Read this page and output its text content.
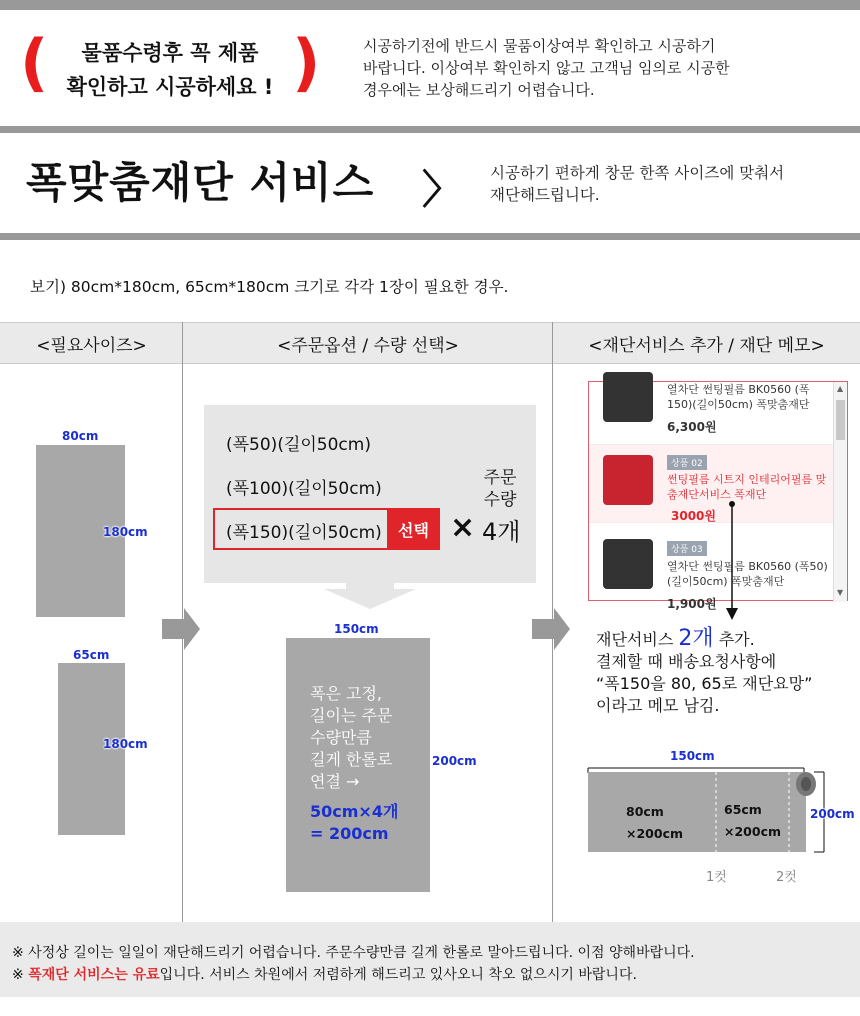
(	물품수령후 꼭 제품
확인하고 시공하세요 ! )	시공하기전에 반드시 물품이상여부 확인하고 시공하기
바랍니다. 이상여부 확인하지 않고 고객님 임의로 시공한
경우에는 보상해드리기 어렵습니다.
폭맞춤재단 서비스 〉 시공하기 편하게 창문 한쪽 사이즈에 맞춰서
재단해드립니다.
보기) 80cm*180cm, 65cm*180cm 크기로 각각 1장이 필요한 경우.
<필요사이즈>	<주문옵션 / 수량 선택>	<재단서비스 추가 / 재단 메모>
80cm
180cm
65cm
180cm
(폭50)(길이50cm)
(폭100)(길이50cm)
(폭150)(길이50cm)	선택 ×
주문
수량
4개
150cm
200cm
폭은 고정,
길이는 주문
수량만큼
길게 한롤로
연결 →
50cm×4개
= 200cm
열차단 썬팅필름 BK0560 (폭150)(길이50cm) 폭맞춤재단
6,300원
상품 02
썬팅필름 시트지 인테리어필름 맞춤재단서비스 폭재단
3000원
상품 03
열차단 썬팅필름 BK0560 (폭50)(길이50cm) 폭맞춤재단
1,900원
▲
▼
재단서비스 2개 추가.
결제할 때 배송요청사항에
“폭150을 80, 65로 재단요망”
이라고 메모 남김.
150cm
80cm
×200cm
65cm
×200cm
200cm
1컷	2컷
※ 사정상 길이는 일일이 재단해드리기 어렵습니다. 주문수량만큼 길게 한롤로 말아드립니다. 이점 양해바랍니다.
※ 폭재단 서비스는 유료입니다. 서비스 차원에서 저렴하게 해드리고 있사오니 착오 없으시기 바랍니다.
